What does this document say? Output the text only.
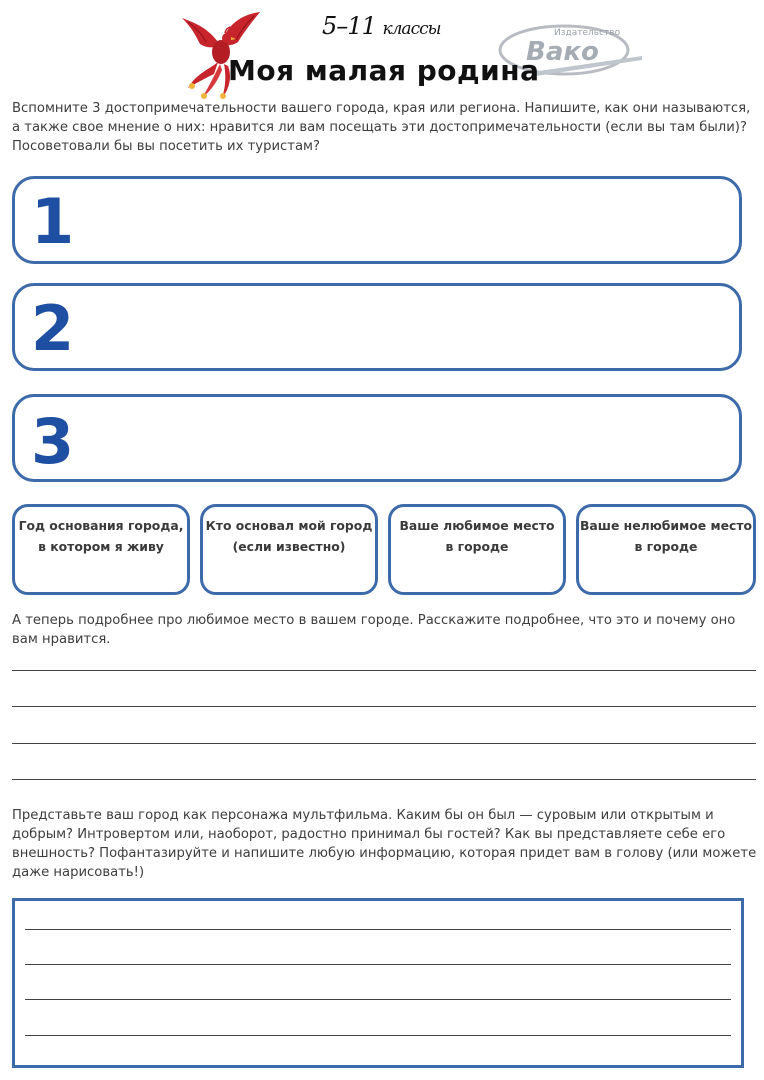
5–11 классы	Издательство
Вако
Моя малая родина

Вспомните 3 достопримечательности вашего города, края или региона. Напишите, как они называются, а также свое мнение о них: нравится ли вам посещать эти достопримечательности (если вы там были)? Посоветовали бы вы посетить их туристам?

1
2
3
Год основания города,
в котором я живу
Кто основал мой город
(если известно)
Ваше любимое место
в городе
Ваше нелюбимое место
в городе

А теперь подробнее про любимое место в вашем городе. Расскажите подробнее, что это и почему оно вам нравится.

Представьте ваш город как персонажа мультфильма. Каким бы он был — суровым или открытым и добрым? Интровертом или, наоборот, радостно принимал бы гостей? Как вы представляете себе его внешность? Пофантазируйте и напишите любую информацию, которая придет вам в голову (или можете даже нарисовать!)
